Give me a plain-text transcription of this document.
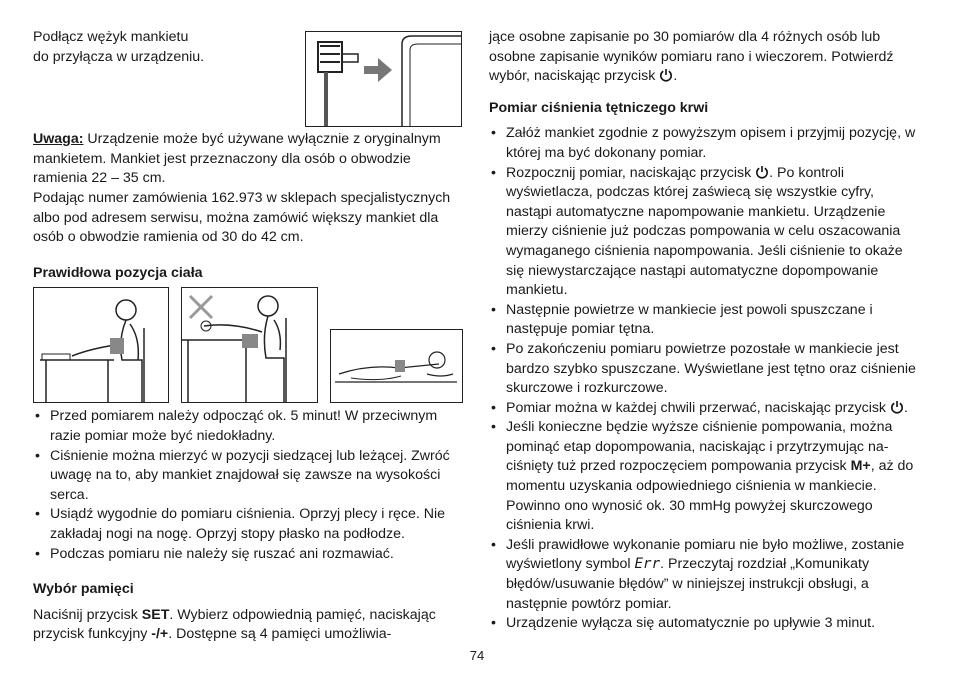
Podłącz wężyk mankietu

do przyłącza w urządzeniu.

Uwaga: Urządzenie może być używane wyłącznie z oryginalnym mankietem. Mankiet jest przeznaczony dla osób o obwodzie ramienia 22 – 35 cm.

Podając numer zamówienia 162.973 w sklepach specjalistycznych albo pod adresem serwisu, można zamówić większy mankiet dla osób o obwodzie ramienia od 30 do 42 cm.

Prawidłowa pozycja ciała

• Przed pomiarem należy odpocząć ok. 5 minut! W przeciwnym razie pomiar może być niedokładny.
• Ciśnienie można mierzyć w pozycji siedzącej lub leżącej. Zwróć uwagę na to, aby mankiet znajdował się zawsze na wysokości serca.
• Usiądź wygodnie do pomiaru ciśnienia. Oprzyj plecy i ręce. Nie zakładaj nogi na nogę. Oprzyj stopy płasko na podłodze.
• Podczas pomiaru nie należy się ruszać ani rozmawiać.

Wybór pamięci

Naciśnij przycisk SET. Wybierz odpowiednią pamięć, naciskając przycisk funkcyjny -/+. Dostępne są 4 pamięci umożliwia-

jące osobne zapisanie po 30 pomiarów dla 4 różnych osób lub osobne zapisanie wyników pomiaru rano i wieczorem. Potwierdź wybór, naciskając przycisk .

Pomiar ciśnienia tętniczego krwi

• Załóż mankiet zgodnie z powyższym opisem i przyjmij pozycję, w której ma być dokonany pomiar.
• Rozpocznij pomiar, naciskając przycisk . Po kontroli wyświetlacza, podczas której zaświecą się wszystkie cyfry, nastąpi automatyczne napompowanie mankietu. Urządzenie mierzy ciśnienie już podczas pompowania w celu oszacowania wymaganego ciśnienia napompowania. Jeśli ciśnienie to okaże się niewystarczające nastąpi automatyczne dopompowanie mankietu.
• Następnie powietrze w mankiecie jest powoli spuszczane i następuje pomiar tętna.
• Po zakończeniu pomiaru powietrze pozostałe w mankiecie jest bardzo szybko spuszczane. Wyświetlane jest tętno oraz ciśnienie skurczowe i rozkurczowe.
• Pomiar można w każdej chwili przerwać, naciskając przycisk .
• Jeśli konieczne będzie wyższe ciśnienie pompowania, można pominąć etap dopompowania, naciskając i przytrzymując naciśnięty tuż przed rozpoczęciem pompowania przycisk M+, aż do momentu uzyskania odpowiedniego ciśnienia w mankiecie. Powinno ono wynosić ok. 30 mmHg powyżej skurczowego ciśnienia krwi.
• Jeśli prawidłowe wykonanie pomiaru nie było możliwe, zostanie wyświetlony symbol Err. Przeczytaj rozdział „Komunikaty błędów/usuwanie błędów” w niniejszej instrukcji obsługi, a następnie powtórz pomiar.
• Urządzenie wyłącza się automatycznie po upływie 3 minut.
74
